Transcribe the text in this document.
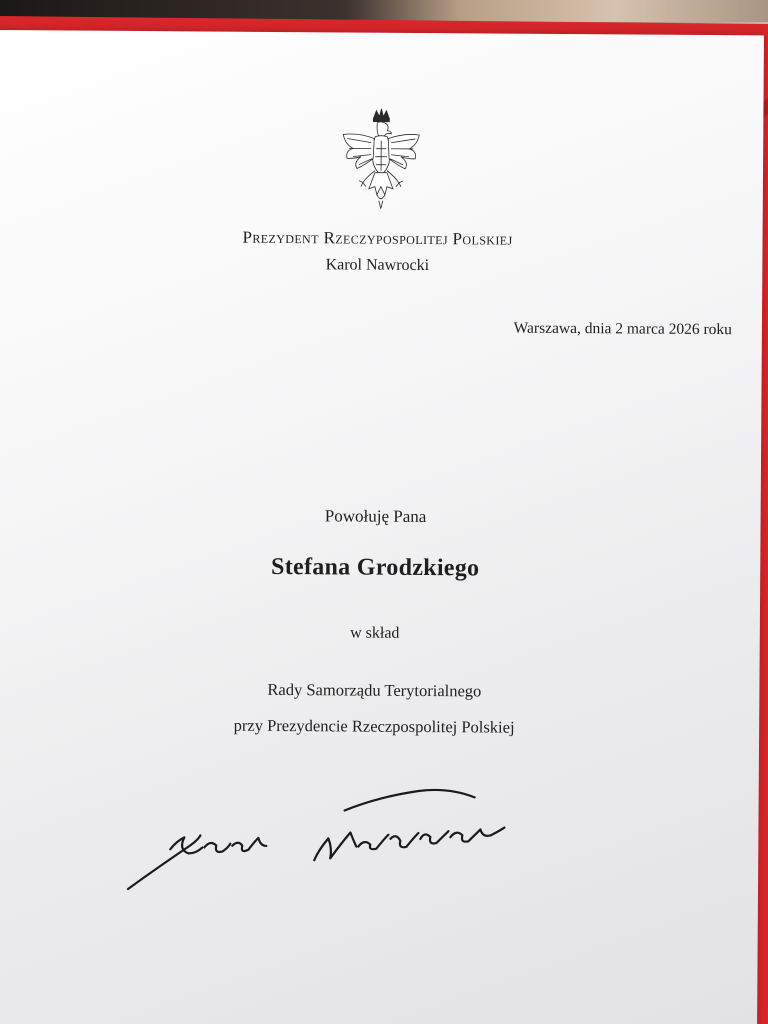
Prezydent Rzeczypospolitej Polskiej
Karol Nawrocki
Warszawa, dnia 2 marca 2026 roku
Powołuję Pana
Stefana Grodzkiego
w skład
Rady Samorządu Terytorialnego
przy Prezydencie Rzeczpospolitej Polskiej
